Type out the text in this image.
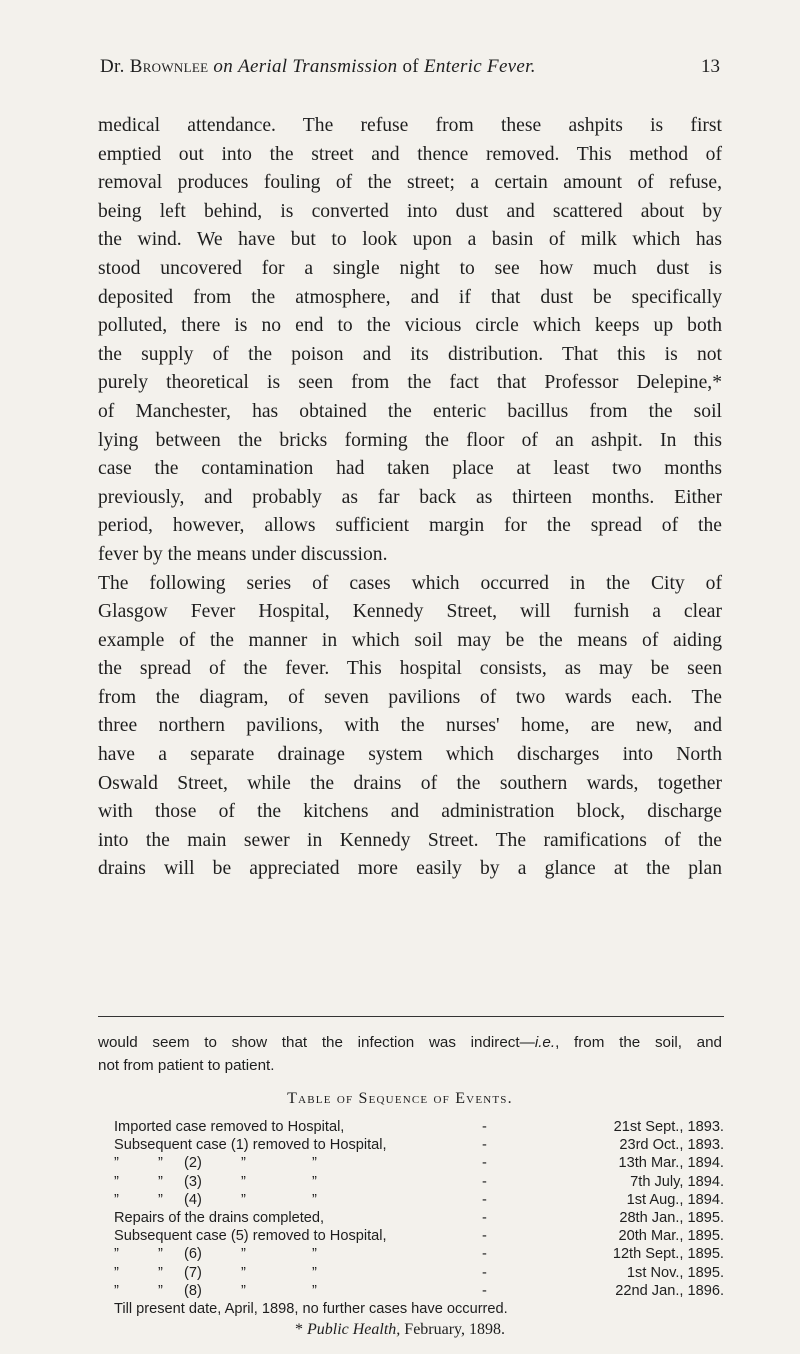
Dr. Brownlee on Aerial Transmission of Enteric Fever.	13

medical attendance. The refuse from these ashpits is first

emptied out into the street and thence removed. This method of

removal produces fouling of the street; a certain amount of refuse,

being left behind, is converted into dust and scattered about by

the wind. We have but to look upon a basin of milk which has

stood uncovered for a single night to see how much dust is

deposited from the atmosphere, and if that dust be specifically

polluted, there is no end to the vicious circle which keeps up both

the supply of the poison and its distribution. That this is not

purely theoretical is seen from the fact that Professor Delepine,*

of Manchester, has obtained the enteric bacillus from the soil

lying between the bricks forming the floor of an ashpit. In this

case the contamination had taken place at least two months

previously, and probably as far back as thirteen months. Either

period, however, allows sufficient margin for the spread of the

fever by the means under discussion.

The following series of cases which occurred in the City of

Glasgow Fever Hospital, Kennedy Street, will furnish a clear

example of the manner in which soil may be the means of aiding

the spread of the fever. This hospital consists, as may be seen

from the diagram, of seven pavilions of two wards each. The

three northern pavilions, with the nurses' home, are new, and

have a separate drainage system which discharges into North

Oswald Street, while the drains of the southern wards, together

with those of the kitchens and administration block, discharge

into the main sewer in Kennedy Street. The ramifications of the

drains will be appreciated more easily by a glance at the plan

would seem to show that the infection was indirect—i.e., from the soil, and
not from patient to patient.
Table of Sequence of Events.
Imported case removed to Hospital,	-	21st Sept., 1893.
Subsequent case (1) removed to Hospital,	-	23rd Oct., 1893.
”	” (2)	”	”	-	13th Mar., 1894.
”	” (3)	”	”	-	7th July, 1894.
”	” (4)	”	”	-	1st Aug., 1894.
Repairs of the drains completed,	-	28th Jan., 1895.
Subsequent case (5) removed to Hospital,	-	20th Mar., 1895.
”	” (6)	”	”	-	12th Sept., 1895.
”	” (7)	”	”	-	1st Nov., 1895.
”	” (8)	”	”	-	22nd Jan., 1896.
Till present date, April, 1898, no further cases have occurred.
* Public Health, February, 1898.
